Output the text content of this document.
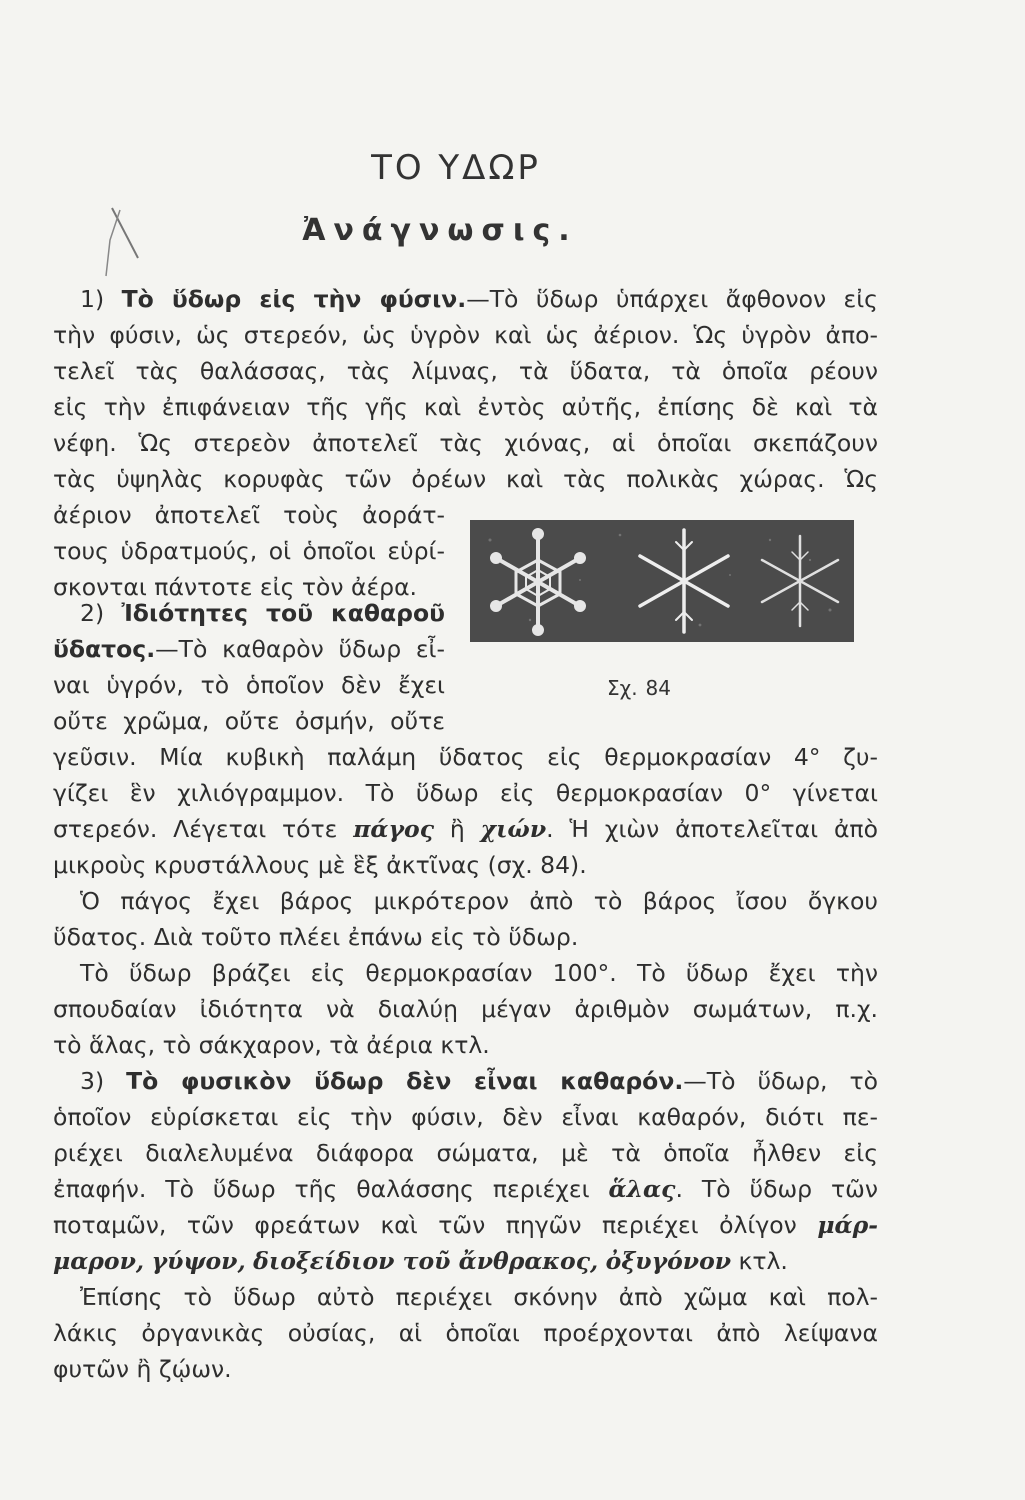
ΤΟ ΥΔΩΡ
Ἀνάγνωσις.
1) Τὸ ὕδωρ εἰς τὴν φύσιν.—Τὸ ὕδωρ ὑπάρχει ἄφθονον εἰς
τὴν φύσιν, ὡς στερεόν, ὡς ὑγρὸν καὶ ὡς ἀέριον. Ὡς ὑγρὸν ἀπο-
τελεῖ τὰς θαλάσσας, τὰς λίμνας, τὰ ὕδατα, τὰ ὁποῖα ρέουν
εἰς τὴν ἐπιφάνειαν τῆς γῆς καὶ ἐντὸς αὐτῆς, ἐπίσης δὲ καὶ τὰ
νέφη. Ὡς στερεὸν ἀποτελεῖ τὰς χιόνας, αἱ ὁποῖαι σκεπάζουν
τὰς ὑψηλὰς κορυφὰς τῶν ὀρέων καὶ τὰς πολικὰς χώρας. Ὡς
ἀέριον ἀποτελεῖ τοὺς ἀοράτ-
τους ὑδρατμούς, οἱ ὁποῖοι εὑρί-
σκονται πάντοτε εἰς τὸν ἀέρα.
Σχ. 84
2) Ἰδιότητες τοῦ καθαροῦ
ὕδατος.—Τὸ καθαρὸν ὕδωρ εἶ-
ναι ὑγρόν, τὸ ὁποῖον δὲν ἔχει
οὔτε χρῶμα, οὔτε ὀσμήν, οὔτε
γεῦσιν. Μία κυβικὴ παλάμη ὕδατος εἰς θερμοκρασίαν 4° ζυ-
γίζει ἓν χιλιόγραμμον. Τὸ ὕδωρ εἰς θερμοκρασίαν 0° γίνεται
στερεόν. Λέγεται τότε πάγος ἢ χιών. Ἡ χιὼν ἀποτελεῖται ἀπὸ
μικροὺς κρυστάλλους μὲ ἓξ ἀκτῖνας (σχ. 84).
Ὁ πάγος ἔχει βάρος μικρότερον ἀπὸ τὸ βάρος ἴσου ὄγκου
ὕδατος. Διὰ τοῦτο πλέει ἐπάνω εἰς τὸ ὕδωρ.
Τὸ ὕδωρ βράζει εἰς θερμοκρασίαν 100°. Τὸ ὕδωρ ἔχει τὴν
σπουδαίαν ἰδιότητα νὰ διαλύῃ μέγαν ἀριθμὸν σωμάτων, π.χ.
τὸ ἅλας, τὸ σάκχαρον, τὰ ἀέρια κτλ.
3) Τὸ φυσικὸν ὕδωρ δὲν εἶναι καθαρόν.—Τὸ ὕδωρ, τὸ
ὁποῖον εὑρίσκεται εἰς τὴν φύσιν, δὲν εἶναι καθαρόν, διότι πε-
ριέχει διαλελυμένα διάφορα σώματα, μὲ τὰ ὁποῖα ἦλθεν εἰς
ἐπαφήν. Τὸ ὕδωρ τῆς θαλάσσης περιέχει ἅλας. Τὸ ὕδωρ τῶν
ποταμῶν, τῶν φρεάτων καὶ τῶν πηγῶν περιέχει ὀλίγον μάρ-
μαρον, γύψον, διοξείδιον τοῦ ἄνθρακος, ὀξυγόνον κτλ.
Ἐπίσης τὸ ὕδωρ αὐτὸ περιέχει σκόνην ἀπὸ χῶμα καὶ πολ-
λάκις ὀργανικὰς οὐσίας, αἱ ὁποῖαι προέρχονται ἀπὸ λείψανα
φυτῶν ἢ ζῴων.
